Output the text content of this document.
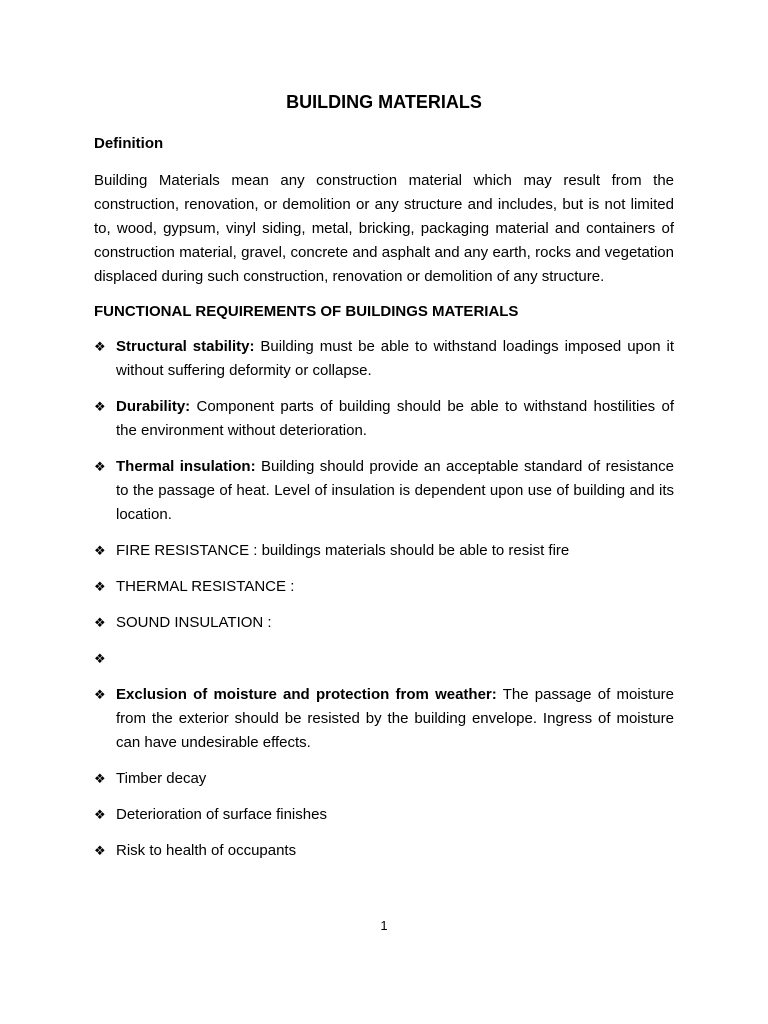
BUILDING MATERIALS
Definition

Building Materials mean any construction material which may result from the construction, renovation, or demolition or any structure and includes, but is not limited to, wood, gypsum, vinyl siding, metal, bricking, packaging material and containers of construction material, gravel, concrete and asphalt and any earth, rocks and vegetation displaced during such construction, renovation or demolition of any structure.

FUNCTIONAL REQUIREMENTS OF BUILDINGS MATERIALS
❖ Structural stability: Building must be able to withstand loadings imposed upon it without suffering deformity or collapse.
❖ Durability: Component parts of building should be able to withstand hostilities of the environment without deterioration.
❖ Thermal insulation: Building should provide an acceptable standard of resistance to the passage of heat. Level of insulation is dependent upon use of building and its location.
❖ FIRE RESISTANCE : buildings materials should be able to resist fire
❖ THERMAL RESISTANCE :
❖ SOUND INSULATION :
❖
❖ Exclusion of moisture and protection from weather: The passage of moisture from the exterior should be resisted by the building envelope. Ingress of moisture can have undesirable effects.
❖ Timber decay
❖ Deterioration of surface finishes
❖ Risk to health of occupants
1
